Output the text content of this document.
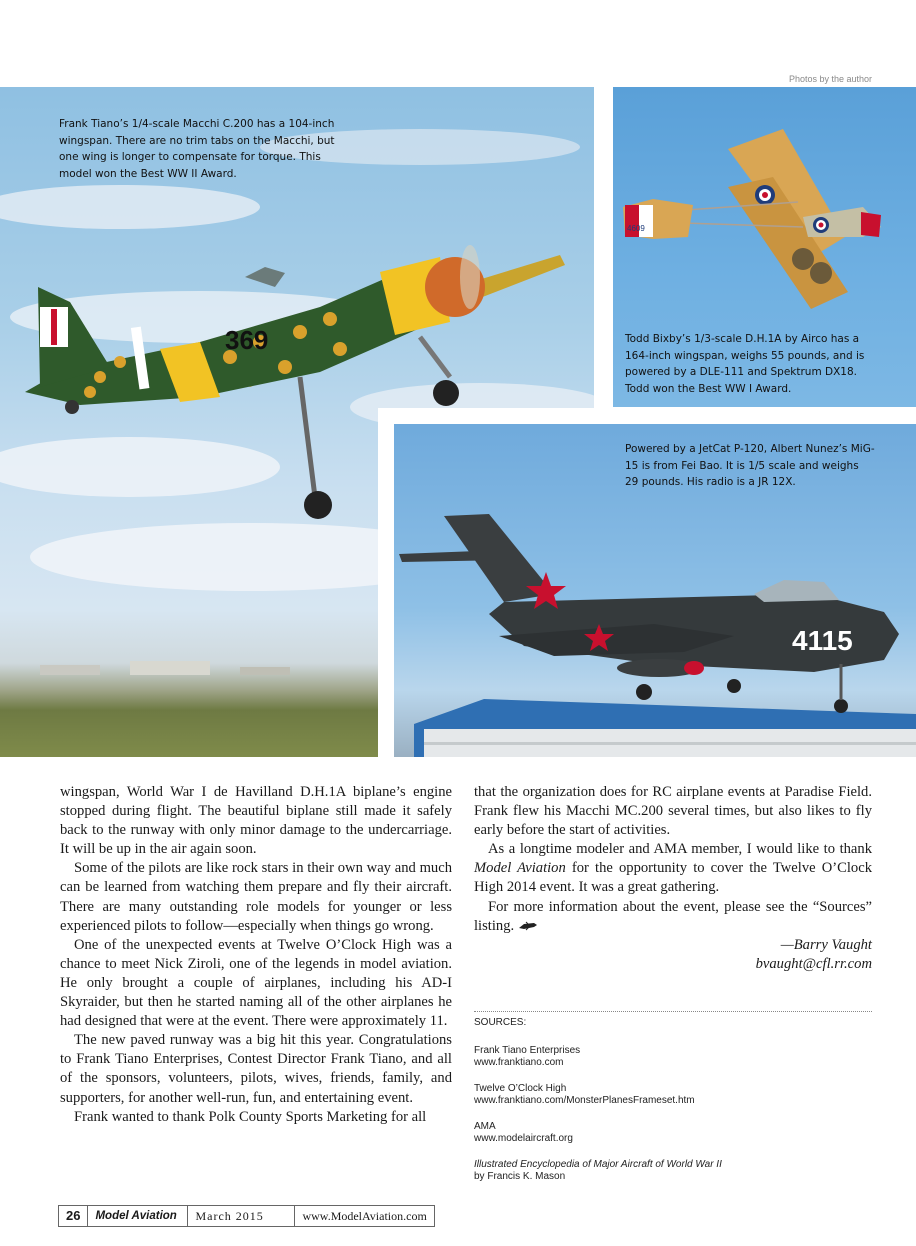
Photos by the author
369
Frank Tiano’s 1/4-scale Macchi C.200 has a 104-inch wingspan. There are no trim tabs on the Macchi, but one wing is longer to compensate for torque. This model won the Best WW II Award.
4609
Todd Bixby’s 1/3-scale D.H.1A by Airco has a 164-inch wingspan, weighs 55 pounds, and is powered by a DLE-111 and Spektrum DX18. Todd won the Best WW I Award.
4115
Powered by a JetCat P-120, Albert Nunez’s MiG-15 is from Fei Bao. It is 1/5 scale and weighs 29 pounds. His radio is a JR 12X.

wingspan, World War I de Havilland D.H.1A biplane’s engine stopped during flight. The beautiful biplane still made it safely back to the runway with only minor damage to the undercarriage. It will be up in the air again soon.

Some of the pilots are like rock stars in their own way and much can be learned from watching them prepare and fly their aircraft. There are many outstanding role models for younger or less experienced pilots to follow—especially when things go wrong.

One of the unexpected events at Twelve O’Clock High was a chance to meet Nick Ziroli, one of the legends in model aviation. He only brought a couple of airplanes, including his AD-I Skyraider, but then he started naming all of the other airplanes he had designed that were at the event. There were approximately 11.

The new paved runway was a big hit this year. Congratulations to Frank Tiano Enterprises, Contest Director Frank Tiano, and all of the sponsors, volunteers, pilots, wives, friends, family, and supporters, for another well-run, fun, and entertaining event.

Frank wanted to thank Polk County Sports Marketing for all

that the organization does for RC airplane events at Paradise Field. Frank flew his Macchi MC.200 several times, but also likes to fly early before the start of activities.

As a longtime modeler and AMA member, I would like to thank Model Aviation for the opportunity to cover the Twelve O’Clock High 2014 event. It was a great gathering.

For more information about the event, please see the “Sources” listing.

—Barry Vaught

bvaught@cfl.rr.com

SOURCES:

Frank Tiano Enterprises
www.franktiano.com
Twelve O’Clock High
www.franktiano.com/MonsterPlanesFrameset.htm
AMA
www.modelaircraft.org
Illustrated Encyclopedia of Major Aircraft of World War II
by Francis K. Mason
26	Model Aviation	March 2015	www.ModelAviation.com
